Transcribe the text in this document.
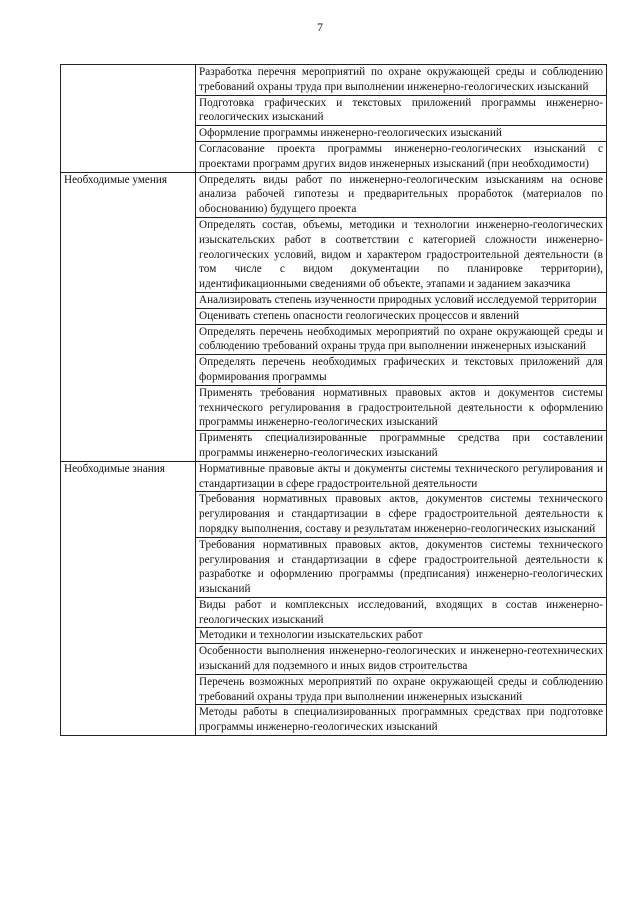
7

	Разработка перечня мероприятий по охране окружающей среды и соблюдению требований охраны труда при выполнении инженерно-геологических изысканий

	Подготовка графических и текстовых приложений программы инженерно-геологических изысканий

	Оформление программы инженерно-геологических изысканий

	Согласование проекта программы инженерно-геологических изысканий с проектами программ других видов инженерных изысканий (при необходимости)

Необходимые умения	Определять виды работ по инженерно-геологическим изысканиям на основе анализа рабочей гипотезы и предварительных проработок (материалов по обоснованию) будущего проекта

	Определять состав, объемы, методики и технологии инженерно-геологических изыскательских работ в соответствии с категорией сложности инженерно-геологических условий, видом и характером градостроительной деятельности (в том числе с видом документации по планировке территории), идентификационными сведениями об объекте, этапами и заданием заказчика

	Анализировать степень изученности природных условий исследуемой территории

	Оценивать степень опасности геологических процессов и явлений

	Определять перечень необходимых мероприятий по охране окружающей среды и соблюдению требований охраны труда при выполнении инженерных изысканий

	Определять перечень необходимых графических и текстовых приложений для формирования программы

	Применять требования нормативных правовых актов и документов системы технического регулирования в градостроительной деятельности к оформлению программы инженерно-геологических изысканий

	Применять специализированные программные средства при составлении программы инженерно-геологических изысканий

Необходимые знания	Нормативные правовые акты и документы системы технического регулирования и стандартизации в сфере градостроительной деятельности

	Требования нормативных правовых актов, документов системы технического регулирования и стандартизации в сфере градостроительной деятельности к порядку выполнения, составу и результатам инженерно-геологических изысканий

	Требования нормативных правовых актов, документов системы технического регулирования и стандартизации в сфере градостроительной деятельности к разработке и оформлению программы (предписания) инженерно-геологических изысканий

	Виды работ и комплексных исследований, входящих в состав инженерно-геологических изысканий

	Методики и технологии изыскательских работ

	Особенности выполнения инженерно-геологических и инженерно-геотехнических изысканий для подземного и иных видов строительства

	Перечень возможных мероприятий по охране окружающей среды и соблюдению требований охраны труда при выполнении инженерных изысканий

	Методы работы в специализированных программных средствах при подготовке программы инженерно-геологических изысканий
